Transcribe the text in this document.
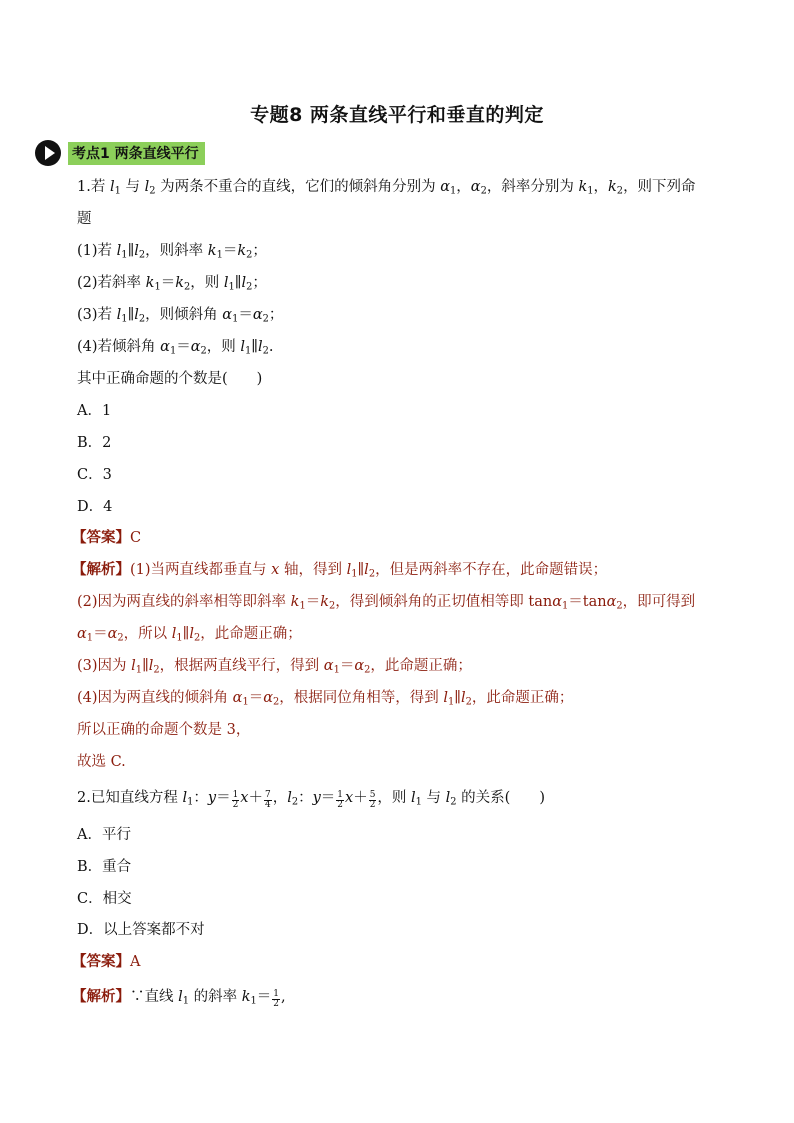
专题8 两条直线平行和垂直的判定
考点1 两条直线平行
1.若 $l_1$ 与 $l_2$ 为两条不重合的直线，它们的倾斜角分别为 $\alpha_1$，$\alpha_2$，斜率分别为 $k_1$，$k_2$，则下列命
题
(1)若 $l_1\parallel l_2$，则斜率 $k_1=k_2$；
(2)若斜率 $k_1=k_2$，则 $l_1\parallel l_2$；
(3)若 $l_1\parallel l_2$，则倾斜角 $\alpha_1=\alpha_2$；
(4)若倾斜角 $\alpha_1=\alpha_2$，则 $l_1\parallel l_2$.
其中正确命题的个数是(　　)
A．1
B．2
C．3
D．4
【答案】C
【解析】(1)当两直线都垂直与 x 轴，得到 $l_1\parallel l_2$，但是两斜率不存在，此命题错误；
(2)因为两直线的斜率相等即斜率 $k_1=k_2$，得到倾斜角的正切值相等即 tanα$_1$＝tanα$_2$，即可得到
$\alpha_1=\alpha_2$，所以 $l_1\parallel l_2$，此命题正确；
(3)因为 $l_1\parallel l_2$，根据两直线平行，得到 $\alpha_1=\alpha_2$，此命题正确；
(4)因为两直线的倾斜角 $\alpha_1=\alpha_2$，根据同位角相等，得到 $l_1\parallel l_2$，此命题正确；
所以正确的命题个数是 3，
故选 C.
2.已知直线方程 $l_1$：$y= \frac{1}{2} x+ \frac{7}{4}$ ，$l_2$：$y= \frac{1}{2} x+ \frac{5}{2}$ ，则 $l_1$ 与 $l_2$ 的关系(　　)
A．平行
B．重合
C．相交
D．以上答案都不对
【答案】A
【解析】∵直线 $l_1$ 的斜率 $k_1= \frac{1}{2}$ ,
